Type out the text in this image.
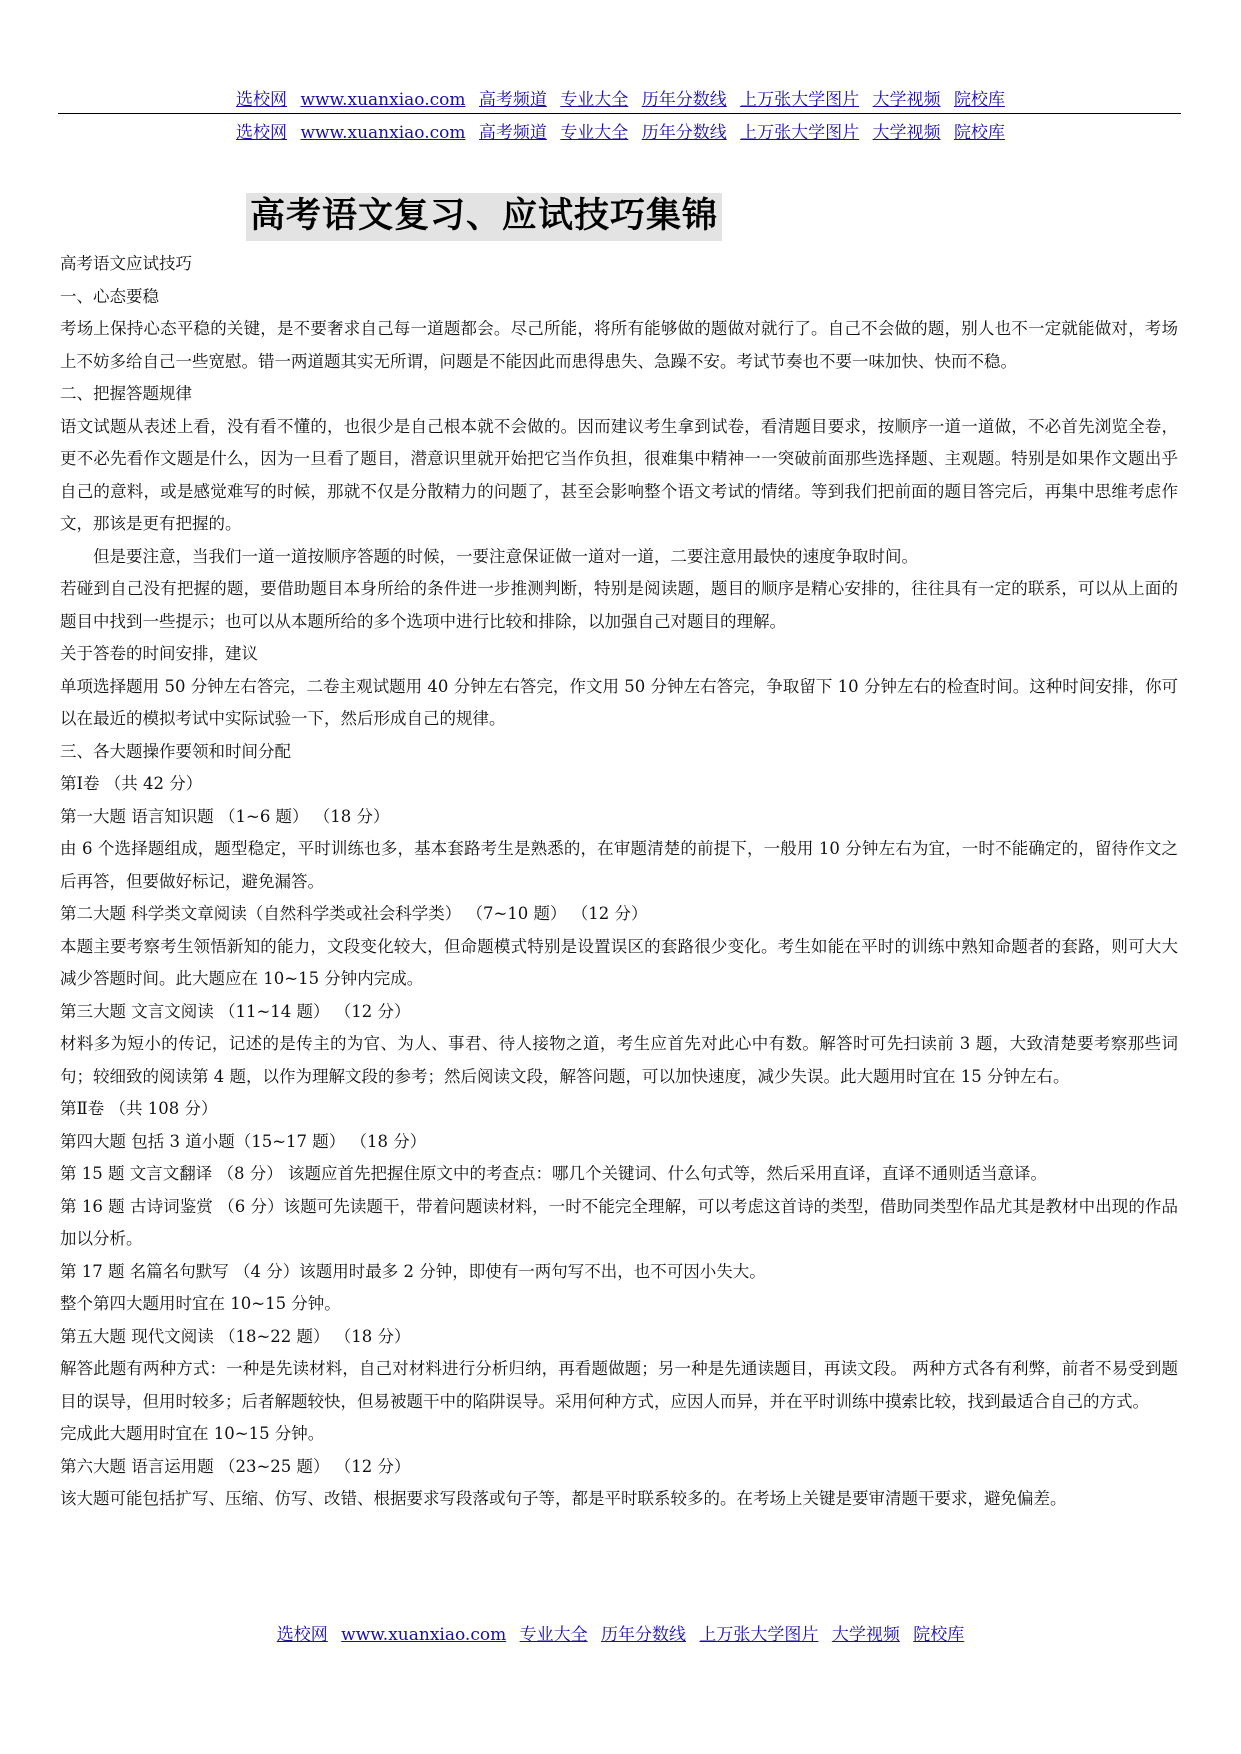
选校网 www.xuanxiao.com 高考频道 专业大全 历年分数线 上万张大学图片 大学视频 院校库
选校网 www.xuanxiao.com 高考频道 专业大全 历年分数线 上万张大学图片 大学视频 院校库
高考语文复习、应试技巧集锦

高考语文应试技巧

一、心态要稳

考场上保持心态平稳的关键，是不要奢求自己每一道题都会。尽己所能，将所有能够做的题做对就行了。自己不会做的题，别人也不一定就能做对，考场上不妨多给自己一些宽慰。错一两道题其实无所谓，问题是不能因此而患得患失、急躁不安。考试节奏也不要一味加快、快而不稳。

二、把握答题规律

语文试题从表述上看，没有看不懂的，也很少是自己根本就不会做的。因而建议考生拿到试卷，看清题目要求，按顺序一道一道做，不必首先浏览全卷，更不必先看作文题是什么，因为一旦看了题目，潜意识里就开始把它当作负担，很难集中精神一一突破前面那些选择题、主观题。特别是如果作文题出乎自己的意料，或是感觉难写的时候，那就不仅是分散精力的问题了，甚至会影响整个语文考试的情绪。等到我们把前面的题目答完后，再集中思维考虑作文，那该是更有把握的。

但是要注意，当我们一道一道按顺序答题的时候，一要注意保证做一道对一道，二要注意用最快的速度争取时间。

若碰到自己没有把握的题，要借助题目本身所给的条件进一步推测判断，特别是阅读题，题目的顺序是精心安排的，往往具有一定的联系，可以从上面的题目中找到一些提示；也可以从本题所给的多个选项中进行比较和排除，以加强自己对题目的理解。

关于答卷的时间安排，建议

单项选择题用 50 分钟左右答完，二卷主观试题用 40 分钟左右答完，作文用 50 分钟左右答完，争取留下 10 分钟左右的检查时间。这种时间安排，你可以在最近的模拟考试中实际试验一下，然后形成自己的规律。

三、各大题操作要领和时间分配

第Ⅰ卷 （共 42 分）

第一大题 语言知识题 （1~6 题） （18 分）

由 6 个选择题组成，题型稳定，平时训练也多，基本套路考生是熟悉的，在审题清楚的前提下，一般用 10 分钟左右为宜，一时不能确定的，留待作文之后再答，但要做好标记，避免漏答。

第二大题 科学类文章阅读（自然科学类或社会科学类） （7~10 题） （12 分）

本题主要考察考生领悟新知的能力，文段变化较大，但命题模式特别是设置误区的套路很少变化。考生如能在平时的训练中熟知命题者的套路，则可大大减少答题时间。此大题应在 10~15 分钟内完成。

第三大题 文言文阅读 （11~14 题） （12 分）

材料多为短小的传记，记述的是传主的为官、为人、事君、待人接物之道，考生应首先对此心中有数。解答时可先扫读前 3 题，大致清楚要考察那些词句；较细致的阅读第 4 题，以作为理解文段的参考；然后阅读文段，解答问题，可以加快速度，减少失误。此大题用时宜在 15 分钟左右。

第Ⅱ卷 （共 108 分）

第四大题 包括 3 道小题（15~17 题） （18 分）

第 15 题 文言文翻译 （8 分） 该题应首先把握住原文中的考查点：哪几个关键词、什么句式等，然后采用直译，直译不通则适当意译。

第 16 题 古诗词鉴赏 （6 分）该题可先读题干，带着问题读材料，一时不能完全理解，可以考虑这首诗的类型，借助同类型作品尤其是教材中出现的作品加以分析。

第 17 题 名篇名句默写 （4 分）该题用时最多 2 分钟，即使有一两句写不出，也不可因小失大。

整个第四大题用时宜在 10~15 分钟。

第五大题 现代文阅读 （18~22 题） （18 分）

解答此题有两种方式：一种是先读材料，自己对材料进行分析归纳，再看题做题；另一种是先通读题目，再读文段。 两种方式各有利弊，前者不易受到题目的误导，但用时较多；后者解题较快，但易被题干中的陷阱误导。采用何种方式，应因人而异，并在平时训练中摸索比较，找到最适合自己的方式。

完成此大题用时宜在 10~15 分钟。

第六大题 语言运用题 （23~25 题） （12 分）

该大题可能包括扩写、压缩、仿写、改错、根据要求写段落或句子等，都是平时联系较多的。在考场上关键是要审清题干要求，避免偏差。

选校网 www.xuanxiao.com 专业大全 历年分数线 上万张大学图片 大学视频 院校库
